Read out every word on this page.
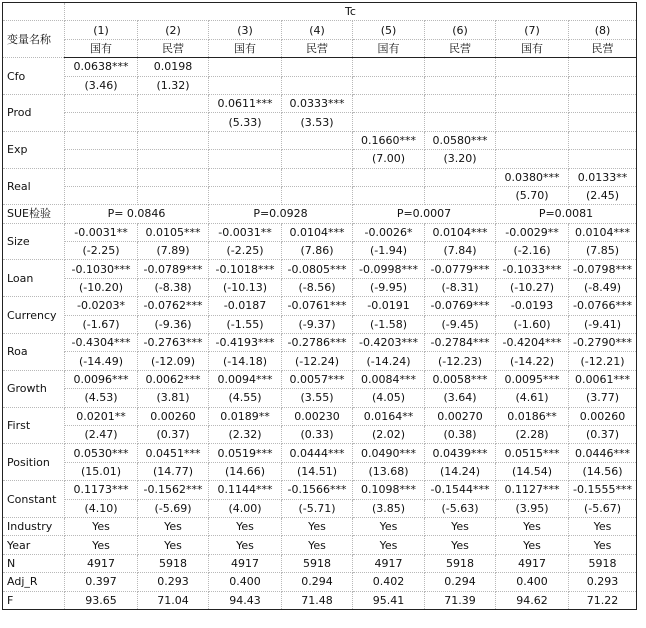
	Tc							
变量名称	(1)	(2)	(3)	(4)	(5)	(6)	(7)	(8)
	国有	民营	国有	民营	国有	民营	国有	民营
Cfo	0.0638***	0.0198						
	(3.46)	(1.32)						
Prod			0.0611***	0.0333***				
			(5.33)	(3.53)				
Exp					0.1660***	0.0580***		
					(7.00)	(3.20)		
Real							0.0380***	0.0133**
							(5.70)	(2.45)
SUE检验	P= 0.0846		P=0.0928		P=0.0007		P=0.0081	
Size	-0.0031**	0.0105***	-0.0031**	0.0104***	-0.0026*	0.0104***	-0.0029**	0.0104***
	(-2.25)	(7.89)	(-2.25)	(7.86)	(-1.94)	(7.84)	(-2.16)	(7.85)
Loan	-0.1030***	-0.0789***	-0.1018***	-0.0805***	-0.0998***	-0.0779***	-0.1033***	-0.0798***
	(-10.20)	(-8.38)	(-10.13)	(-8.56)	(-9.95)	(-8.31)	(-10.27)	(-8.49)
Currency	-0.0203*	-0.0762***	-0.0187	-0.0761***	-0.0191	-0.0769***	-0.0193	-0.0766***
	(-1.67)	(-9.36)	(-1.55)	(-9.37)	(-1.58)	(-9.45)	(-1.60)	(-9.41)
Roa	-0.4304***	-0.2763***	-0.4193***	-0.2786***	-0.4203***	-0.2784***	-0.4204***	-0.2790***
	(-14.49)	(-12.09)	(-14.18)	(-12.24)	(-14.24)	(-12.23)	(-14.22)	(-12.21)
Growth	0.0096***	0.0062***	0.0094***	0.0057***	0.0084***	0.0058***	0.0095***	0.0061***
	(4.53)	(3.81)	(4.55)	(3.55)	(4.05)	(3.64)	(4.61)	(3.77)
First	0.0201**	0.00260	0.0189**	0.00230	0.0164**	0.00270	0.0186**	0.00260
	(2.47)	(0.37)	(2.32)	(0.33)	(2.02)	(0.38)	(2.28)	(0.37)
Position	0.0530***	0.0451***	0.0519***	0.0444***	0.0490***	0.0439***	0.0515***	0.0446***
	(15.01)	(14.77)	(14.66)	(14.51)	(13.68)	(14.24)	(14.54)	(14.56)
Constant	0.1173***	-0.1562***	0.1144***	-0.1566***	0.1098***	-0.1544***	0.1127***	-0.1555***
	(4.10)	(-5.69)	(4.00)	(-5.71)	(3.85)	(-5.63)	(3.95)	(-5.67)
Industry	Yes	Yes	Yes	Yes	Yes	Yes	Yes	Yes
Year	Yes	Yes	Yes	Yes	Yes	Yes	Yes	Yes
N	4917	5918	4917	5918	4917	5918	4917	5918
Adj_R	0.397	0.293	0.400	0.294	0.402	0.294	0.400	0.293
F	93.65	71.04	94.43	71.48	95.41	71.39	94.62	71.22
